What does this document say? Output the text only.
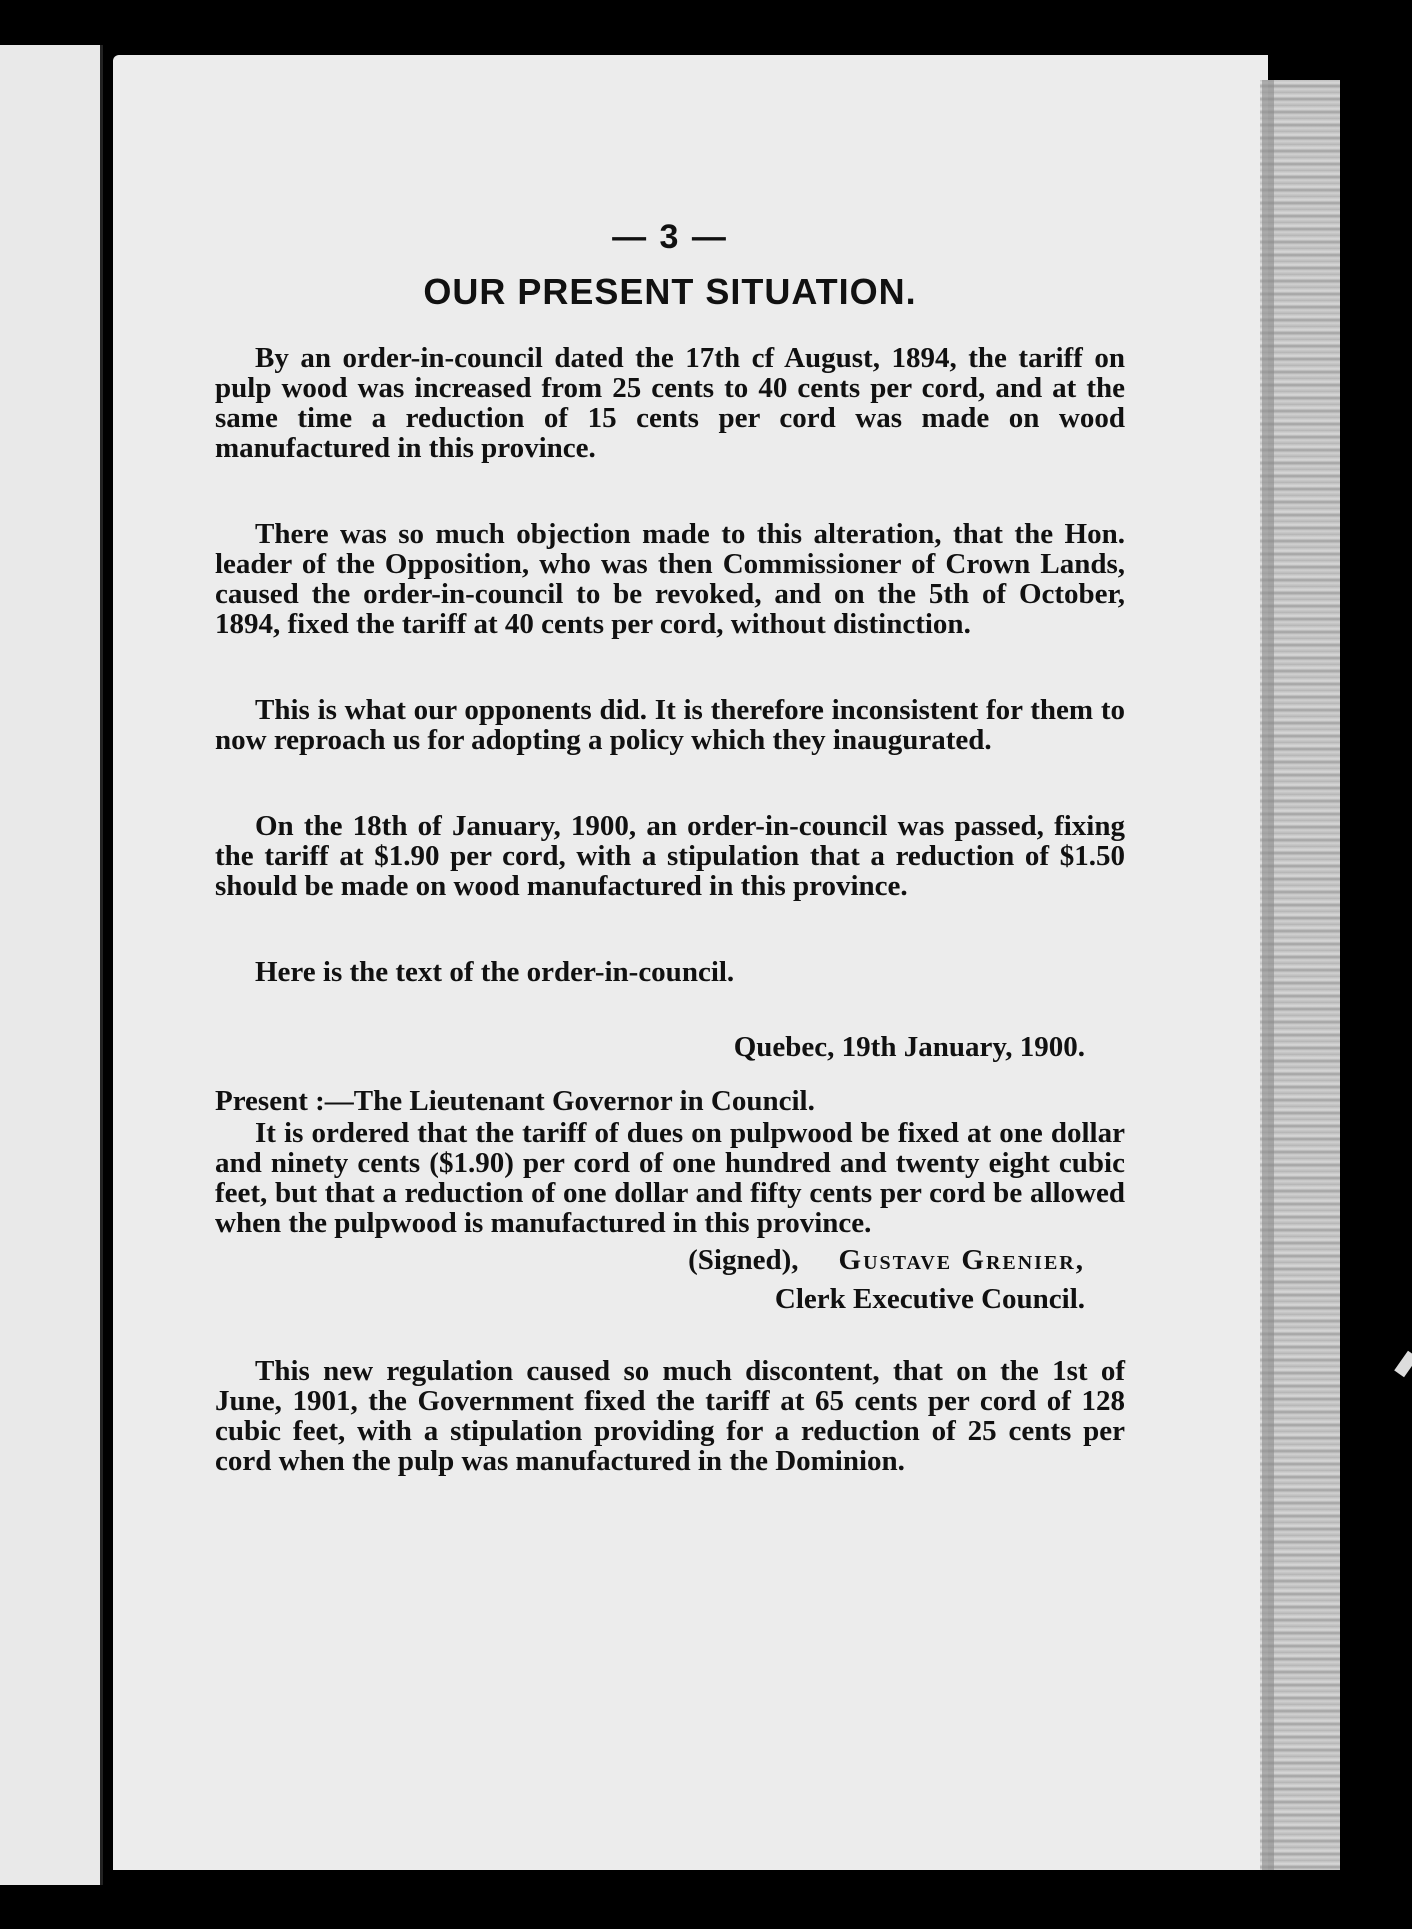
— 3 —
OUR PRESENT SITUATION.

By an order-in-council dated the 17th cf August, 1894, the tariff on pulp wood was increased from 25 cents to 40 cents per cord, and at the same time a reduction of 15 cents per cord was made on wood manufactured in this province.

There was so much objection made to this alteration, that the Hon. leader of the Opposition, who was then Commissioner of Crown Lands, caused the order-in-council to be revoked, and on the 5th of October, 1894, fixed the tariff at 40 cents per cord, without distinction.

This is what our opponents did. It is therefore inconsistent for them to now reproach us for adopting a policy which they inaugurated.

On the 18th of January, 1900, an order-in-council was passed, fixing the tariff at $1.90 per cord, with a stipulation that a reduction of $1.50 should be made on wood manufactured in this province.

Here is the text of the order-in-council.

Quebec, 19th January, 1900.
Present :—The Lieutenant Governor in Council.

It is ordered that the tariff of dues on pulpwood be fixed at one dollar and ninety cents ($1.90) per cord of one hundred and twenty eight cubic feet, but that a reduction of one dollar and fifty cents per cord be allowed when the pulpwood is manufactured in this province.

(Signed), Gustave Grenier,
Clerk Executive Council.

This new regulation caused so much discontent, that on the 1st of June, 1901, the Government fixed the tariff at 65 cents per cord of 128 cubic feet, with a stipulation providing for a reduction of 25 cents per cord when the pulp was manufactured in the Dominion.
